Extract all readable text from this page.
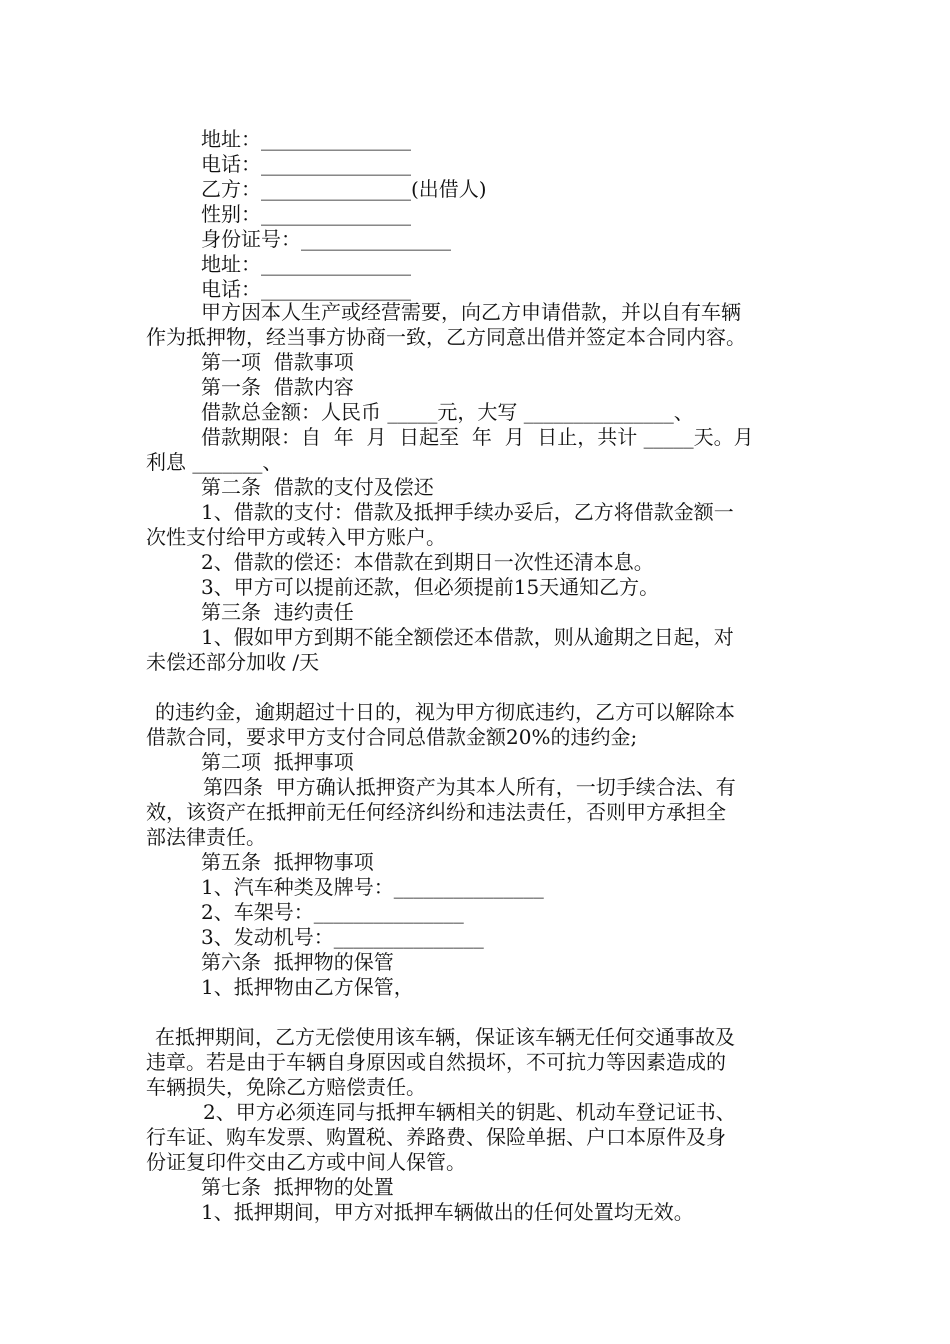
地址：_______________

电话：_______________

乙方：_______________(出借人)

性别：_______________

身份证号：_______________

地址：_______________

电话：_______________

甲方因本人生产或经营需要，向乙方申请借款，并以自有车辆

作为抵押物，经当事方协商一致，乙方同意出借并签定本合同内容。

第一项  借款事项

第一条  借款内容

借款总金额：人民币 _____元，大写 _______________、

借款期限：自  年  月  日起至  年  月  日止，共计 _____天。月

利息 _______、

第二条  借款的支付及偿还

1、借款的支付：借款及抵押手续办妥后，乙方将借款金额一

次性支付给甲方或转入甲方账户。

2、借款的偿还：本借款在到期日一次性还清本息。

3、甲方可以提前还款，但必须提前15天通知乙方。

第三条  违约责任

1、假如甲方到期不能全额偿还本借款，则从逾期之日起，对

未偿还部分加收 /天

的违约金，逾期超过十日的，视为甲方彻底违约，乙方可以解除本

借款合同，要求甲方支付合同总借款金额20%的违约金;

第二项  抵押事项

第四条  甲方确认抵押资产为其本人所有，一切手续合法、有

效，该资产在抵押前无任何经济纠纷和违法责任，否则甲方承担全

部法律责任。

第五条  抵押物事项

1、汽车种类及牌号：_______________

2、车架号：_______________

3、发动机号：_______________

第六条  抵押物的保管

1、抵押物由乙方保管，

在抵押期间，乙方无偿使用该车辆，保证该车辆无任何交通事故及

违章。若是由于车辆自身原因或自然损坏，不可抗力等因素造成的

车辆损失，免除乙方赔偿责任。

2、甲方必须连同与抵押车辆相关的钥匙、机动车登记证书、

行车证、购车发票、购置税、养路费、保险单据、户口本原件及身

份证复印件交由乙方或中间人保管。

第七条  抵押物的处置

1、抵押期间，甲方对抵押车辆做出的任何处置均无效。
